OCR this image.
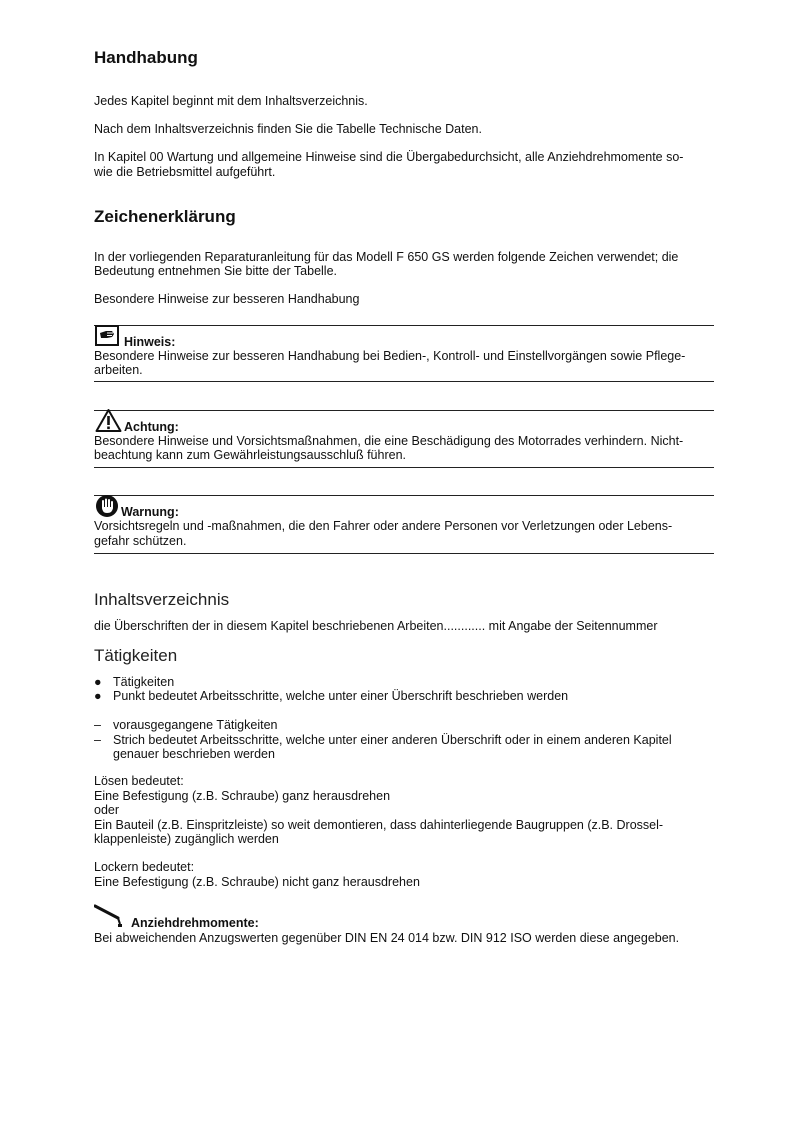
Handhabung
Jedes Kapitel beginnt mit dem Inhaltsverzeichnis.
Nach dem Inhaltsverzeichnis finden Sie die Tabelle Technische Daten.
In Kapitel 00 Wartung und allgemeine Hinweise sind die Übergabedurchsicht, alle Anziehdrehmomente so-
wie die Betriebsmittel aufgeführt.
Zeichenerklärung
In der vorliegenden Reparaturanleitung für das Modell F 650 GS werden folgende Zeichen verwendet; die
Bedeutung entnehmen Sie bitte der Tabelle.
Besondere Hinweise zur besseren Handhabung
Hinweis:
Besondere Hinweise zur besseren Handhabung bei Bedien-, Kontroll- und Einstellvorgängen sowie Pflege-
arbeiten.
Achtung:
Besondere Hinweise und Vorsichtsmaßnahmen, die eine Beschädigung des Motorrades verhindern. Nicht-
beachtung kann zum Gewährleistungsausschluß führen.
Warnung:
Vorsichtsregeln und -maßnahmen, die den Fahrer oder andere Personen vor Verletzungen oder Lebens-
gefahr schützen.
Inhaltsverzeichnis
die Überschriften der in diesem Kapitel beschriebenen Arbeiten............ mit Angabe der Seitennummer
Tätigkeiten
● Tätigkeiten
● Punkt bedeutet Arbeitsschritte, welche unter einer Überschrift beschrieben werden
– vorausgegangene Tätigkeiten
– Strich bedeutet Arbeitsschritte, welche unter einer anderen Überschrift oder in einem anderen Kapitel
genauer beschrieben werden
Lösen bedeutet:
Eine Befestigung (z.B. Schraube) ganz herausdrehen
oder
Ein Bauteil (z.B. Einspritzleiste) so weit demontieren, dass dahinterliegende Baugruppen (z.B. Drossel-
klappenleiste) zugänglich werden
Lockern bedeutet:
Eine Befestigung (z.B. Schraube) nicht ganz herausdrehen
Anziehdrehmomente:
Bei abweichenden Anzugswerten gegenüber DIN EN 24 014 bzw. DIN 912 ISO werden diese angegeben.
